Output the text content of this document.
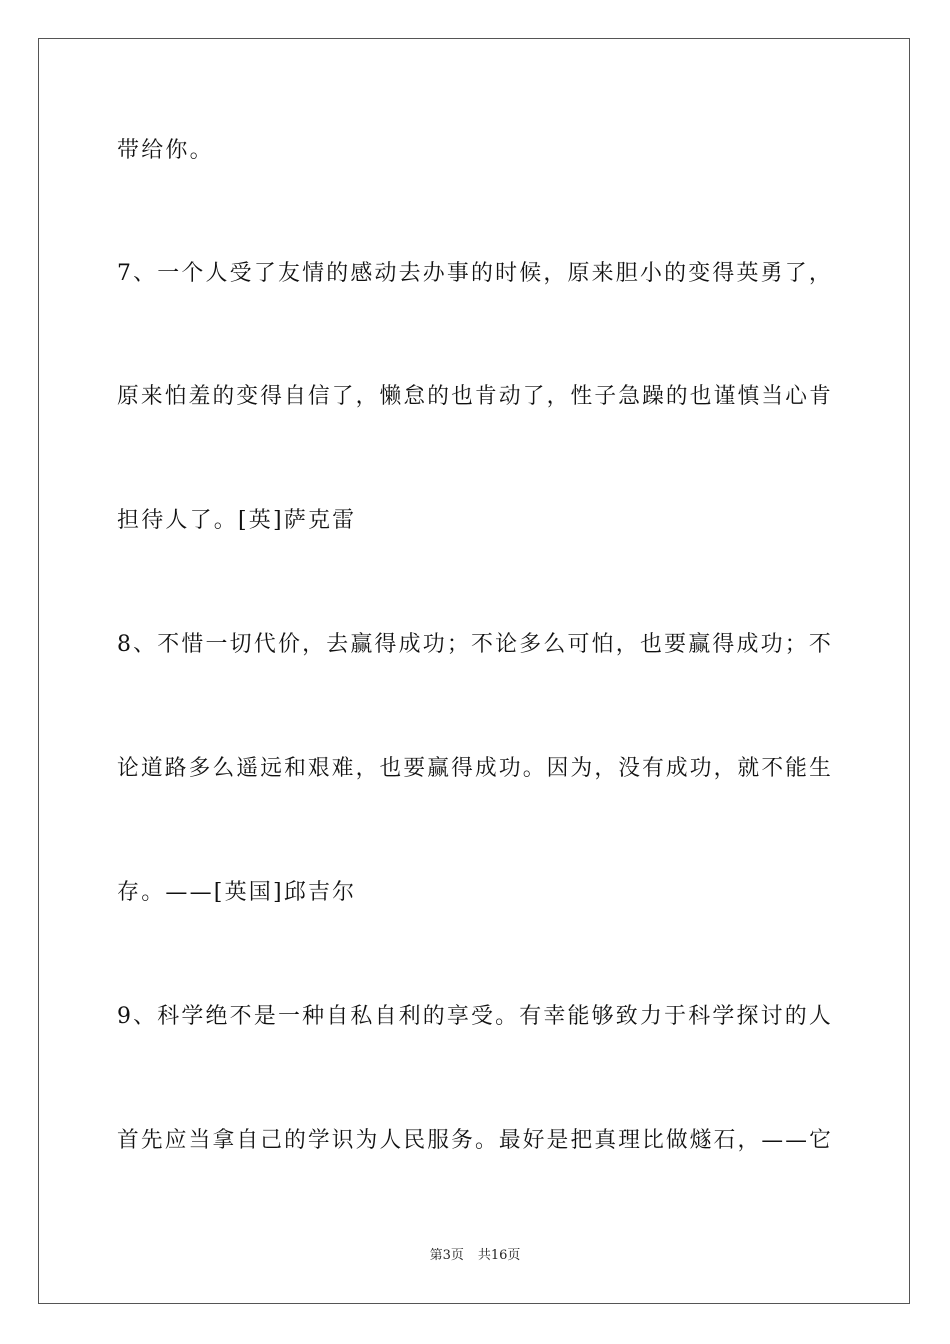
带给你。
7、一个人受了友情的感动去办事的时候，原来胆小的变得英勇了，
原来怕羞的变得自信了，懒怠的也肯动了，性子急躁的也谨慎当心肯
担待人了。[英]萨克雷
8、不惜一切代价，去赢得成功；不论多么可怕，也要赢得成功；不
论道路多么遥远和艰难，也要赢得成功。因为，没有成功，就不能生
存。——[英国]邱吉尔
9、科学绝不是一种自私自利的享受。有幸能够致力于科学探讨的人
首先应当拿自己的学识为人民服务。最好是把真理比做燧石，——它
第3页 共16页
